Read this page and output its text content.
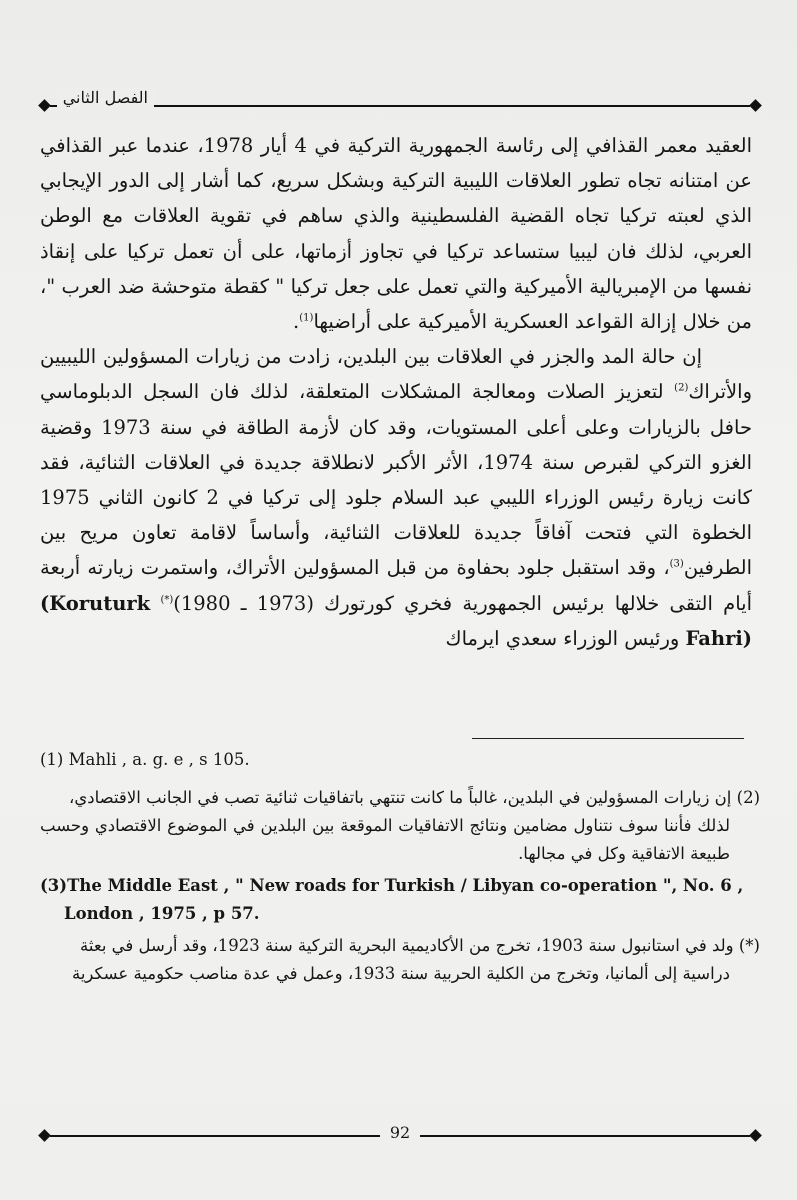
الفصل الثاني

العقيد معمر القذافي إلى رئاسة الجمهورية التركية في 4 أيار 1978، عندما عبر القذافي عن امتنانه تجاه تطور العلاقات الليبية التركية وبشكل سريع، كما أشار إلى الدور الإيجابي الذي لعبته تركيا تجاه القضية الفلسطينية والذي ساهم في تقوية العلاقات مع الوطن العربي، لذلك فان ليبيا ستساعد تركيا في تجاوز أزماتها، على أن تعمل تركيا على إنقاذ نفسها من الإمبريالية الأميركية والتي تعمل على جعل تركيا " كقطة متوحشة ضد العرب "، من خلال إزالة القواعد العسكرية الأميركية على أراضيها$^{(1)}$.

إن حالة المد والجزر في العلاقات بين البلدين، زادت من زيارات المسؤولين الليبيين والأتراك$^{(2)}$ لتعزيز الصلات ومعالجة المشكلات المتعلقة، لذلك فان السجل الدبلوماسي حافل بالزيارات وعلى أعلى المستويات، وقد كان لأزمة الطاقة في سنة 1973 وقضية الغزو التركي لقبرص سنة 1974، الأثر الأكبر لانطلاقة جديدة في العلاقات الثنائية، فقد كانت زيارة رئيس الوزراء الليبي عبد السلام جلود إلى تركيا في 2 كانون الثاني 1975 الخطوة التي فتحت آفاقاً جديدة للعلاقات الثنائية، وأساساً لاقامة تعاون مريح بين الطرفين$^{(3)}$، وقد استقبل جلود بحفاوة من قبل المسؤولين الأتراك، واستمرت زيارته أربعة أيام التقى خلالها برئيس الجمهورية فخري كورتورك (1973 ـ 1980)(*) (Koruturk Fahri) ورئيس الوزراء سعدي ايرماك

(1) Mahli , a. g. e , s 105.
(2) إن زيارات المسؤولين في البلدين، غالباً ما كانت تنتهي باتفاقيات ثنائية تصب في الجانب الاقتصادي،
لذلك فأننا سوف نتناول مضامين ونتائج الاتفاقيات الموقعة بين البلدين في الموضوع الاقتصادي وحسب طبيعة الاتفاقية وكل في مجالها.
(3)The Middle East , " New roads for Turkish / Libyan co-operation ", No. 6 ,
London , 1975 , p 57.
(*) ولد في استانبول سنة 1903، تخرج من الأكاديمية البحرية التركية سنة 1923، وقد أرسل في بعثة
دراسية إلى ألمانيا، وتخرج من الكلية الحربية سنة 1933، وعمل في عدة مناصب حكومية عسكرية
92
